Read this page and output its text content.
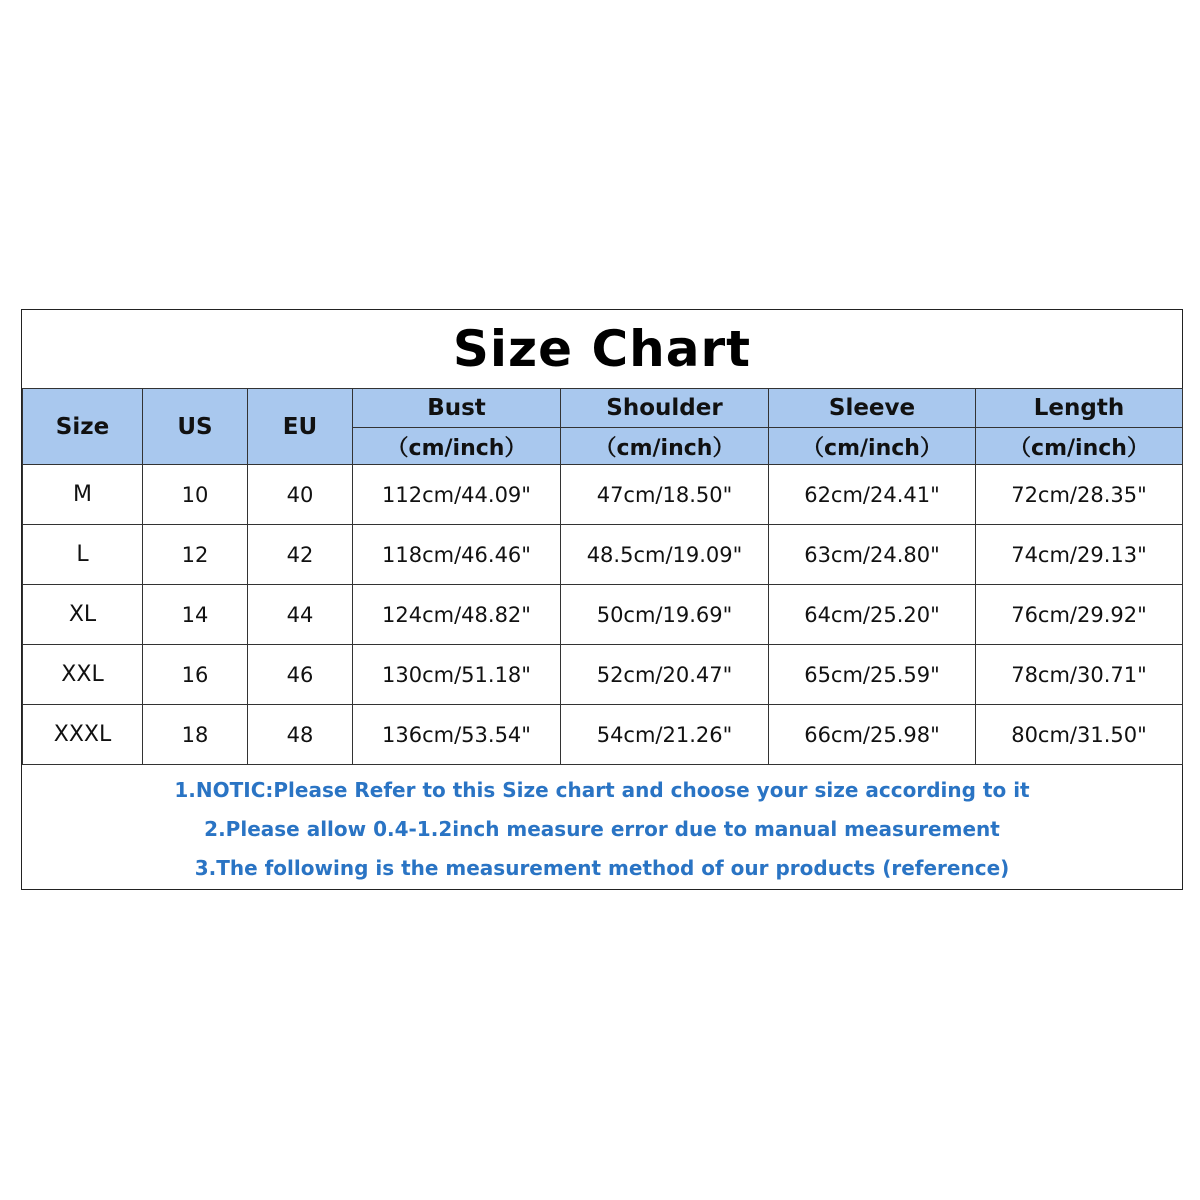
Size Chart
Size	US	EU	Bust	Shoulder	Sleeve	Length
			（cm/inch）	（cm/inch）	（cm/inch）	（cm/inch）
M	10	40	112cm/44.09"	47cm/18.50"	62cm/24.41"	72cm/28.35"
L	12	42	118cm/46.46"	48.5cm/19.09"	63cm/24.80"	74cm/29.13"
XL	14	44	124cm/48.82"	50cm/19.69"	64cm/25.20"	76cm/29.92"
XXL	16	46	130cm/51.18"	52cm/20.47"	65cm/25.59"	78cm/30.71"
XXXL	18	48	136cm/53.54"	54cm/21.26"	66cm/25.98"	80cm/31.50"
1.NOTIC:Please Refer to this Size chart and choose your size according to it
2.Please allow 0.4-1.2inch measure error due to manual measurement
3.The following is the measurement method of our products (reference)
